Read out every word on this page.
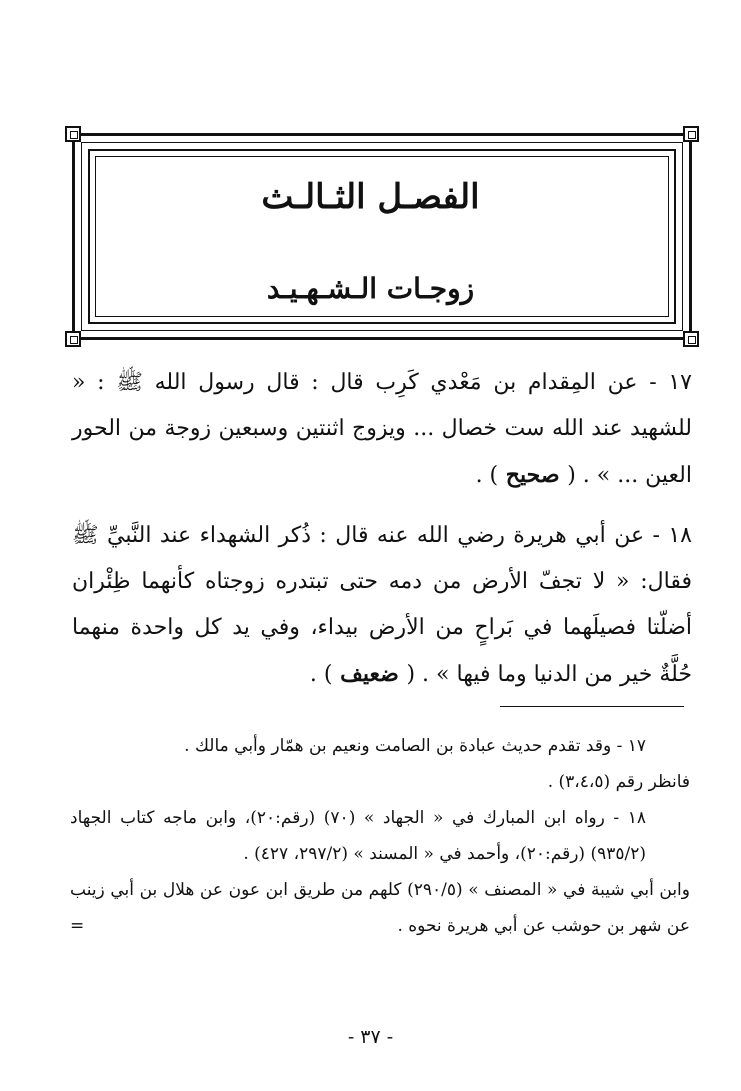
الفصـل الثـالـث
زوجـات الـشـهـيـد

١٧ - عن المِقدام بن مَعْدي كَرِب قال : قال رسول الله ﷺ : « للشهيد عند الله ست خصال ... ويزوج اثنتين وسبعين زوجة من الحور العين ... » . ( صحيح ) .

١٨ - عن أبي هريرة رضي الله عنه قال : ذُكر الشهداء عند النَّبيِّ ﷺ فقال: « لا تجفّ الأرض من دمه حتى تبتدره زوجتاه كأنهما ظِئْران أضلّتا فصيلَهما في بَراحٍ من الأرض بيداء، وفي يد كل واحدة منهما حُلَّةٌ خير من الدنيا وما فيها » . ( ضعيف ) .

١٧ - وقد تقدم حديث عبادة بن الصامت ونعيم بن همّار وأبي مالك .

فانظر رقم (٣،٤،٥) .

١٨ - رواه ابن المبارك في « الجهاد » (٧٠) (رقم:٢٠)، وابن ماجه كتاب الجهاد (٩٣٥/٢) (رقم:٢٠)، وأحمد في « المسند » (٢٩٧/٢، ٤٢٧) .

وابن أبي شيبة في « المصنف » (٢٩٠/٥) كلهم من طريق ابن عون عن هلال بن أبي زينب عن شهر بن حوشب عن أبي هريرة نحوه .
=

- ٣٧ -
